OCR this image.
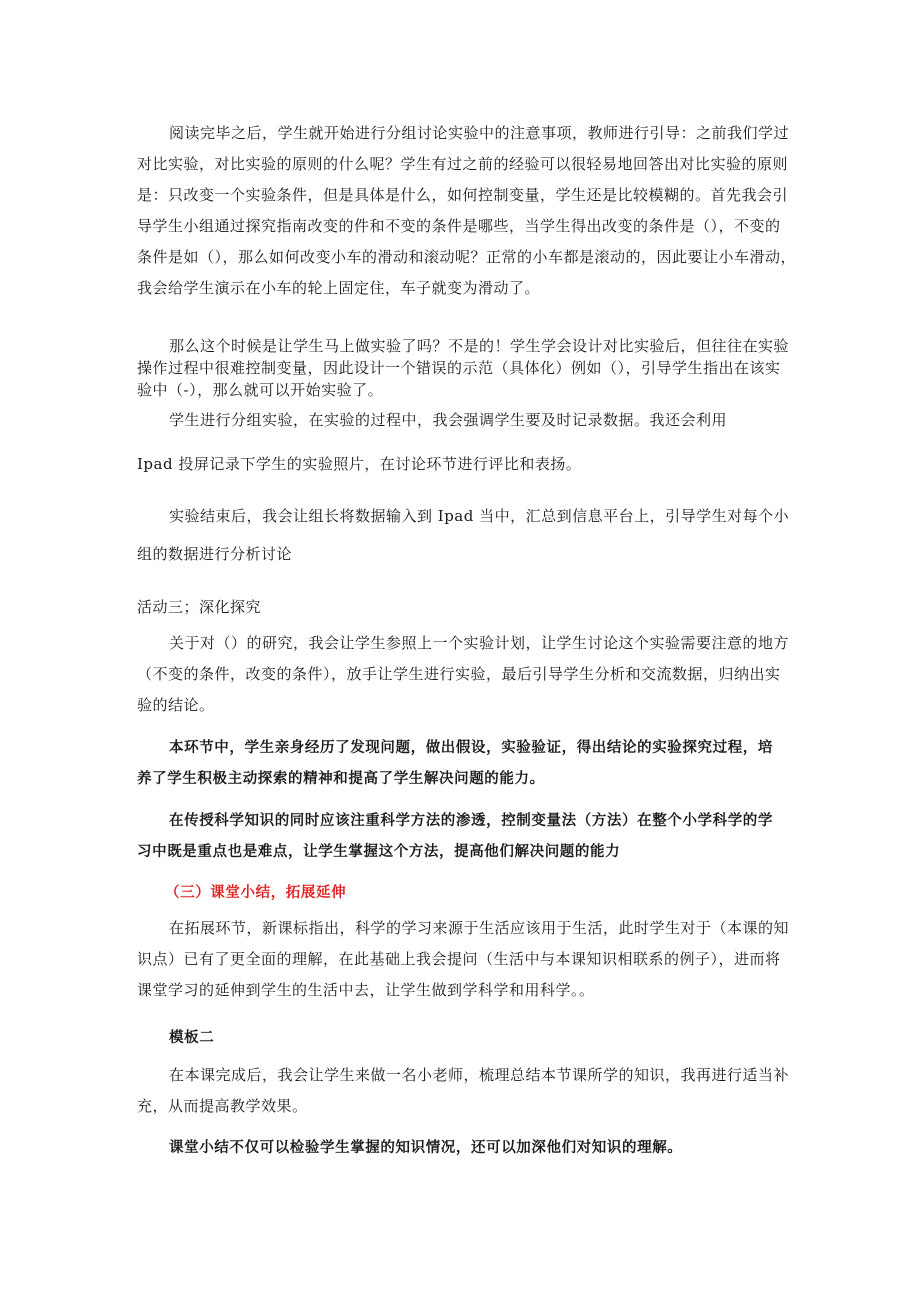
阅读完毕之后，学生就开始进行分组讨论实验中的注意事项，教师进行引导：之前我们学过
对比实验，对比实验的原则的什么呢？学生有过之前的经验可以很轻易地回答出对比实验的原则
是：只改变一个实验条件，但是具体是什么，如何控制变量，学生还是比较模糊的。首先我会引
导学生小组通过探究指南改变的件和不变的条件是哪些，当学生得出改变的条件是（），不变的
条件是如（），那么如何改变小车的滑动和滚动呢？正常的小车都是滚动的，因此要让小车滑动，
我会给学生演示在小车的轮上固定住，车子就变为滑动了。
那么这个时候是让学生马上做实验了吗？不是的！学生学会设计对比实验后，但往往在实验
操作过程中很难控制变量，因此设计一个错误的示范（具体化）例如（），引导学生指出在该实
验中（-），那么就可以开始实验了。
学生进行分组实验，在实验的过程中，我会强调学生要及时记录数据。我还会利用
Ipad 投屏记录下学生的实验照片，在讨论环节进行评比和表扬。
实验结束后，我会让组长将数据输入到 Ipad 当中，汇总到信息平台上，引导学生对每个小
组的数据进行分析讨论
活动三；深化探究
关于对（）的研究，我会让学生参照上一个实验计划，让学生讨论这个实验需要注意的地方
（不变的条件，改变的条件），放手让学生进行实验，最后引导学生分析和交流数据，归纳出实
验的结论。
本环节中，学生亲身经历了发现问题，做出假设，实验验证，得出结论的实验探究过程，培
养了学生积极主动探索的精神和提高了学生解决问题的能力。
在传授科学知识的同时应该注重科学方法的渗透，控制变量法（方法）在整个小学科学的学
习中既是重点也是难点，让学生掌握这个方法，提高他们解决问题的能力
（三）课堂小结，拓展延伸
在拓展环节，新课标指出，科学的学习来源于生活应该用于生活，此时学生对于（本课的知
识点）已有了更全面的理解，在此基础上我会提问（生活中与本课知识相联系的例子），进而将
课堂学习的延伸到学生的生活中去，让学生做到学科学和用科学。。
模板二
在本课完成后，我会让学生来做一名小老师，梳理总结本节课所学的知识，我再进行适当补
充，从而提高教学效果。
课堂小结不仅可以检验学生掌握的知识情况，还可以加深他们对知识的理解。
